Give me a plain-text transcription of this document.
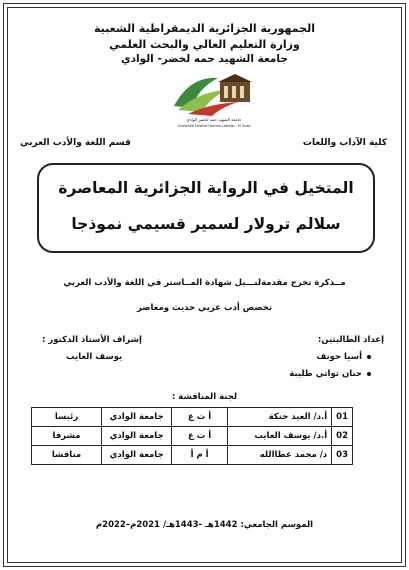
الجمهورية الجزائرية الديمقراطية الشعبية
وزارة التعليم العالي والبحث العلمي
جامعة الشهيد حمه لخضر- الوادي
جامعة الشهيد حمه لخضر الوادي
Université Echahid Hamma Lakhdar - El Oued
كلية الآداب واللغات
قسم اللغة والأدب العربي
المتخيل في الرواية الجزائرية المعاصرة
سلالم ترولار لسمير قسيمي نموذجا
مــذكرة تخرج مقدمةلنـــيل شهادة المــاستر في اللغة والأدب العربي
تخصص أدب عربي حديث ومعاصر
إعداد الطالبتين:
أسيا حونف
حنان تواتي طليبة
إشراف الأستاذ الدكتور :
يوسف العايب
لجنة المناقشة :
01	أ.د/ العيد حنكة	أ ت ع	جامعة الوادي	رئيسا
02	أ.د/ يوسف العايب	أ ت ع	جامعة الوادي	مشرفا
03	د/ محمد عطاالله	أ م أ	جامعة الوادي	مناقشا
الموسم الجامعي: 1442هـ -1443هـ/ 2021م–2022م
